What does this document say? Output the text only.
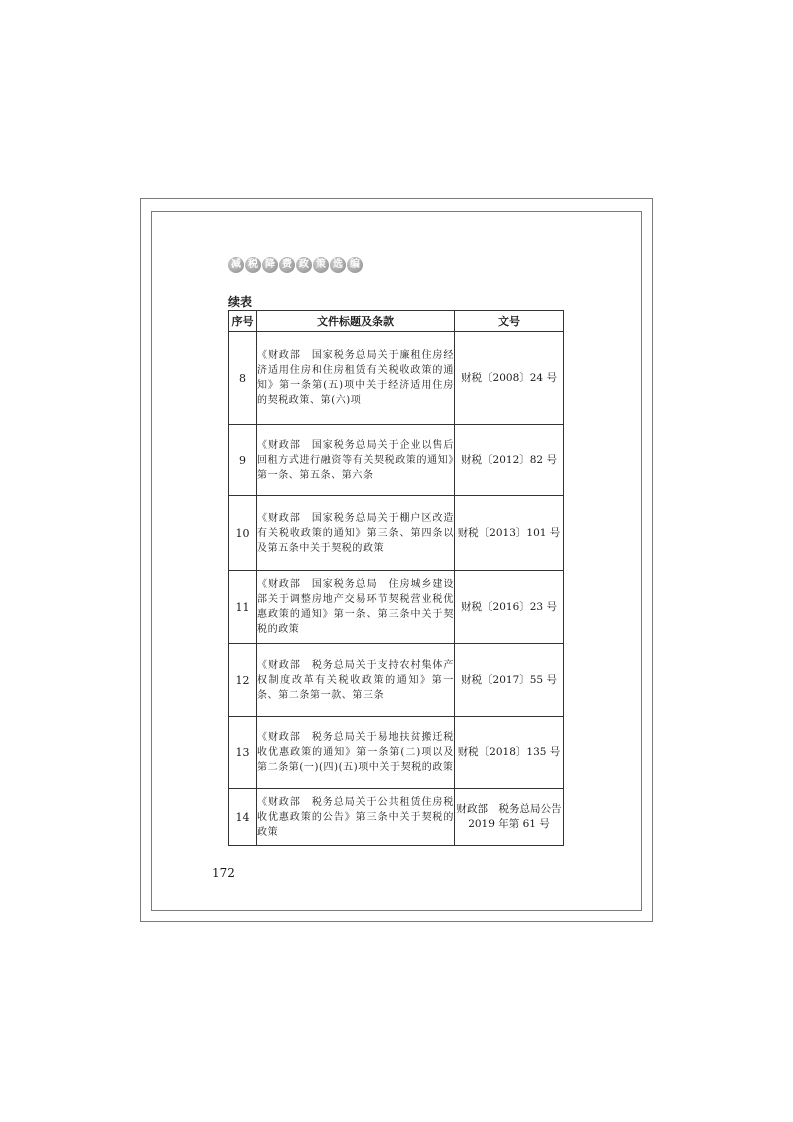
减 税 降 费 政 策 选 编
续表
序号	文件标题及条款	文号
8	《财政部　国家税务总局关于廉租住房经济适用住房和住房租赁有关税收政策的通知》第一条第(五)项中关于经济适用住房的契税政策、第(六)项	财税〔2008〕24 号
9	《财政部　国家税务总局关于企业以售后回租方式进行融资等有关契税政策的通知》第一条、第五条、第六条	财税〔2012〕82 号
10	《财政部　国家税务总局关于棚户区改造有关税收政策的通知》第三条、第四条以及第五条中关于契税的政策	财税〔2013〕101 号
11	《财政部　国家税务总局　住房城乡建设部关于调整房地产交易环节契税营业税优惠政策的通知》第一条、第三条中关于契税的政策	财税〔2016〕23 号
12	《财政部　税务总局关于支持农村集体产权制度改革有关税收政策的通知》第一条、第二条第一款、第三条	财税〔2017〕55 号
13	《财政部　税务总局关于易地扶贫搬迁税收优惠政策的通知》第一条第(二)项以及第二条第(一)(四)(五)项中关于契税的政策	财税〔2018〕135 号
14	《财政部　税务总局关于公共租赁住房税收优惠政策的公告》第三条中关于契税的政策	财政部　税务总局公告 2019 年第 61 号
172
